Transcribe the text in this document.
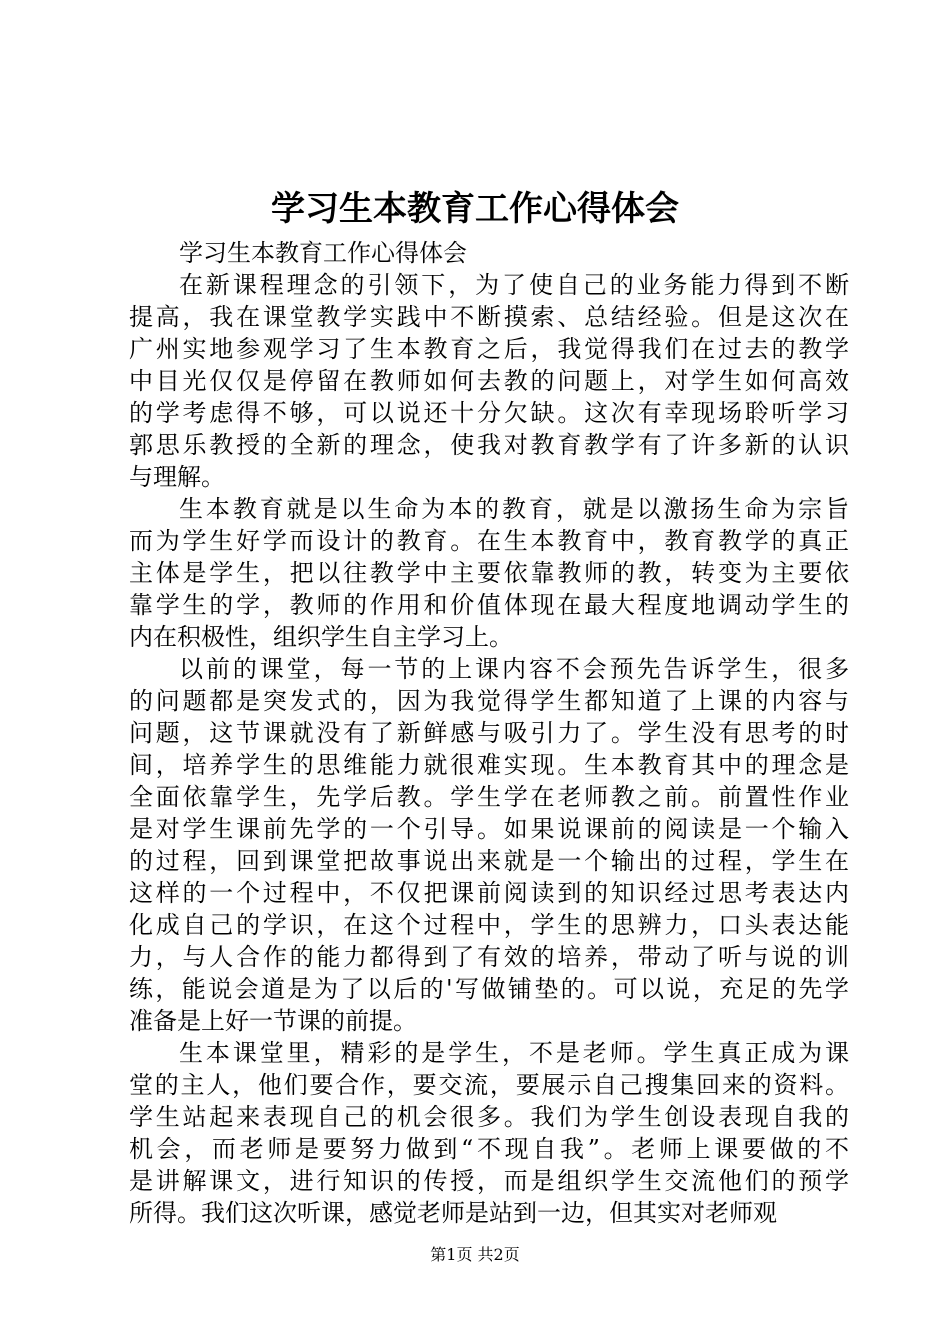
学习生本教育工作心得体会
学习生本教育工作心得体会
在新课程理念的引领下，为了使自己的业务能力得到不断
提高，我在课堂教学实践中不断摸索、总结经验。但是这次在
广州实地参观学习了生本教育之后，我觉得我们在过去的教学
中目光仅仅是停留在教师如何去教的问题上，对学生如何高效
的学考虑得不够，可以说还十分欠缺。这次有幸现场聆听学习
郭思乐教授的全新的理念，使我对教育教学有了许多新的认识
与理解。
生本教育就是以生命为本的教育，就是以激扬生命为宗旨
而为学生好学而设计的教育。在生本教育中，教育教学的真正
主体是学生，把以往教学中主要依靠教师的教，转变为主要依
靠学生的学，教师的作用和价值体现在最大程度地调动学生的
内在积极性，组织学生自主学习上。
以前的课堂，每一节的上课内容不会预先告诉学生，很多
的问题都是突发式的，因为我觉得学生都知道了上课的内容与
问题，这节课就没有了新鲜感与吸引力了。学生没有思考的时
间，培养学生的思维能力就很难实现。生本教育其中的理念是
全面依靠学生，先学后教。学生学在老师教之前。前置性作业
是对学生课前先学的一个引导。如果说课前的阅读是一个输入
的过程，回到课堂把故事说出来就是一个输出的过程，学生在
这样的一个过程中，不仅把课前阅读到的知识经过思考表达内
化成自己的学识，在这个过程中，学生的思辨力，口头表达能
力，与人合作的能力都得到了有效的培养，带动了听与说的训
练，能说会道是为了以后的'写做铺垫的。可以说，充足的先学
准备是上好一节课的前提。
生本课堂里，精彩的是学生，不是老师。学生真正成为课
堂的主人，他们要合作，要交流，要展示自己搜集回来的资料。
学生站起来表现自己的机会很多。我们为学生创设表现自我的
机会，而老师是要努力做到“不现自我”。老师上课要做的不
是讲解课文，进行知识的传授，而是组织学生交流他们的预学
所得。我们这次听课，感觉老师是站到一边，但其实对老师观
第1页 共2页
